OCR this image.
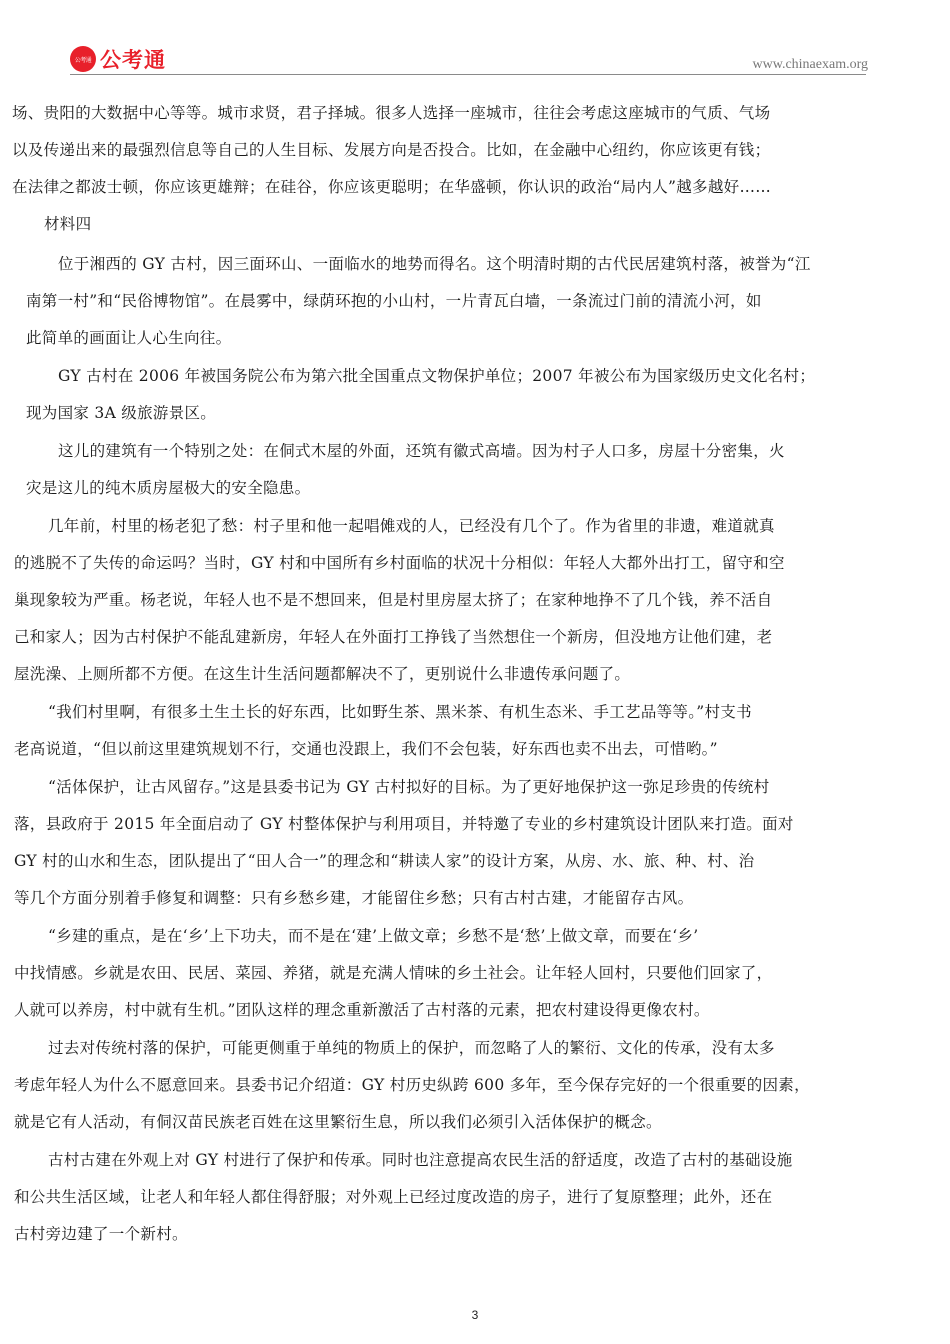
公考通 公考通	www.chinaexam.org
场、贵阳的大数据中心等等。城市求贤，君子择城。很多人选择一座城市，往往会考虑这座城市的气质、气场
以及传递出来的最强烈信息等自己的人生目标、发展方向是否投合。比如，在金融中心纽约，你应该更有钱；
在法律之都波士顿，你应该更雄辩；在硅谷，你应该更聪明；在华盛顿，你认识的政治“局内人”越多越好……
材料四
位于湘西的 GY 古村，因三面环山、一面临水的地势而得名。这个明清时期的古代民居建筑村落，被誉为“江
南第一村”和“民俗博物馆”。在晨雾中，绿荫环抱的小山村，一片青瓦白墙，一条流过门前的清流小河，如
此简单的画面让人心生向往。
GY 古村在 2006 年被国务院公布为第六批全国重点文物保护单位；2007 年被公布为国家级历史文化名村；
现为国家 3A 级旅游景区。
这儿的建筑有一个特别之处：在侗式木屋的外面，还筑有徽式高墙。因为村子人口多，房屋十分密集，火
灾是这儿的纯木质房屋极大的安全隐患。
几年前，村里的杨老犯了愁：村子里和他一起唱傩戏的人，已经没有几个了。作为省里的非遗，难道就真
的逃脱不了失传的命运吗？当时，GY 村和中国所有乡村面临的状况十分相似：年轻人大都外出打工，留守和空
巢现象较为严重。杨老说，年轻人也不是不想回来，但是村里房屋太挤了；在家种地挣不了几个钱，养不活自
己和家人；因为古村保护不能乱建新房，年轻人在外面打工挣钱了当然想住一个新房，但没地方让他们建，老
屋洗澡、上厕所都不方便。在这生计生活问题都解决不了，更别说什么非遗传承问题了。
“我们村里啊，有很多土生土长的好东西，比如野生茶、黑米茶、有机生态米、手工艺品等等。”村支书
老高说道，“但以前这里建筑规划不行，交通也没跟上，我们不会包装，好东西也卖不出去，可惜哟。”
“活体保护，让古风留存。”这是县委书记为 GY 古村拟好的目标。为了更好地保护这一弥足珍贵的传统村
落，县政府于 2015 年全面启动了 GY 村整体保护与利用项目，并特邀了专业的乡村建筑设计团队来打造。面对
GY 村的山水和生态，团队提出了“田人合一”的理念和“耕读人家”的设计方案，从房、水、旅、种、村、治
等几个方面分别着手修复和调整：只有乡愁乡建，才能留住乡愁；只有古村古建，才能留存古风。
“乡建的重点，是在‘乡’上下功夫，而不是在‘建’上做文章；乡愁不是‘愁’上做文章，而要在‘乡’
中找情感。乡就是农田、民居、菜园、养猪，就是充满人情味的乡土社会。让年轻人回村，只要他们回家了，
人就可以养房，村中就有生机。”团队这样的理念重新激活了古村落的元素，把农村建设得更像农村。
过去对传统村落的保护，可能更侧重于单纯的物质上的保护，而忽略了人的繁衍、文化的传承，没有太多
考虑年轻人为什么不愿意回来。县委书记介绍道：GY 村历史纵跨 600 多年，至今保存完好的一个很重要的因素，
就是它有人活动，有侗汉苗民族老百姓在这里繁衍生息，所以我们必须引入活体保护的概念。
古村古建在外观上对 GY 村进行了保护和传承。同时也注意提高农民生活的舒适度，改造了古村的基础设施
和公共生活区域，让老人和年轻人都住得舒服；对外观上已经过度改造的房子，进行了复原整理；此外，还在
古村旁边建了一个新村。
3
